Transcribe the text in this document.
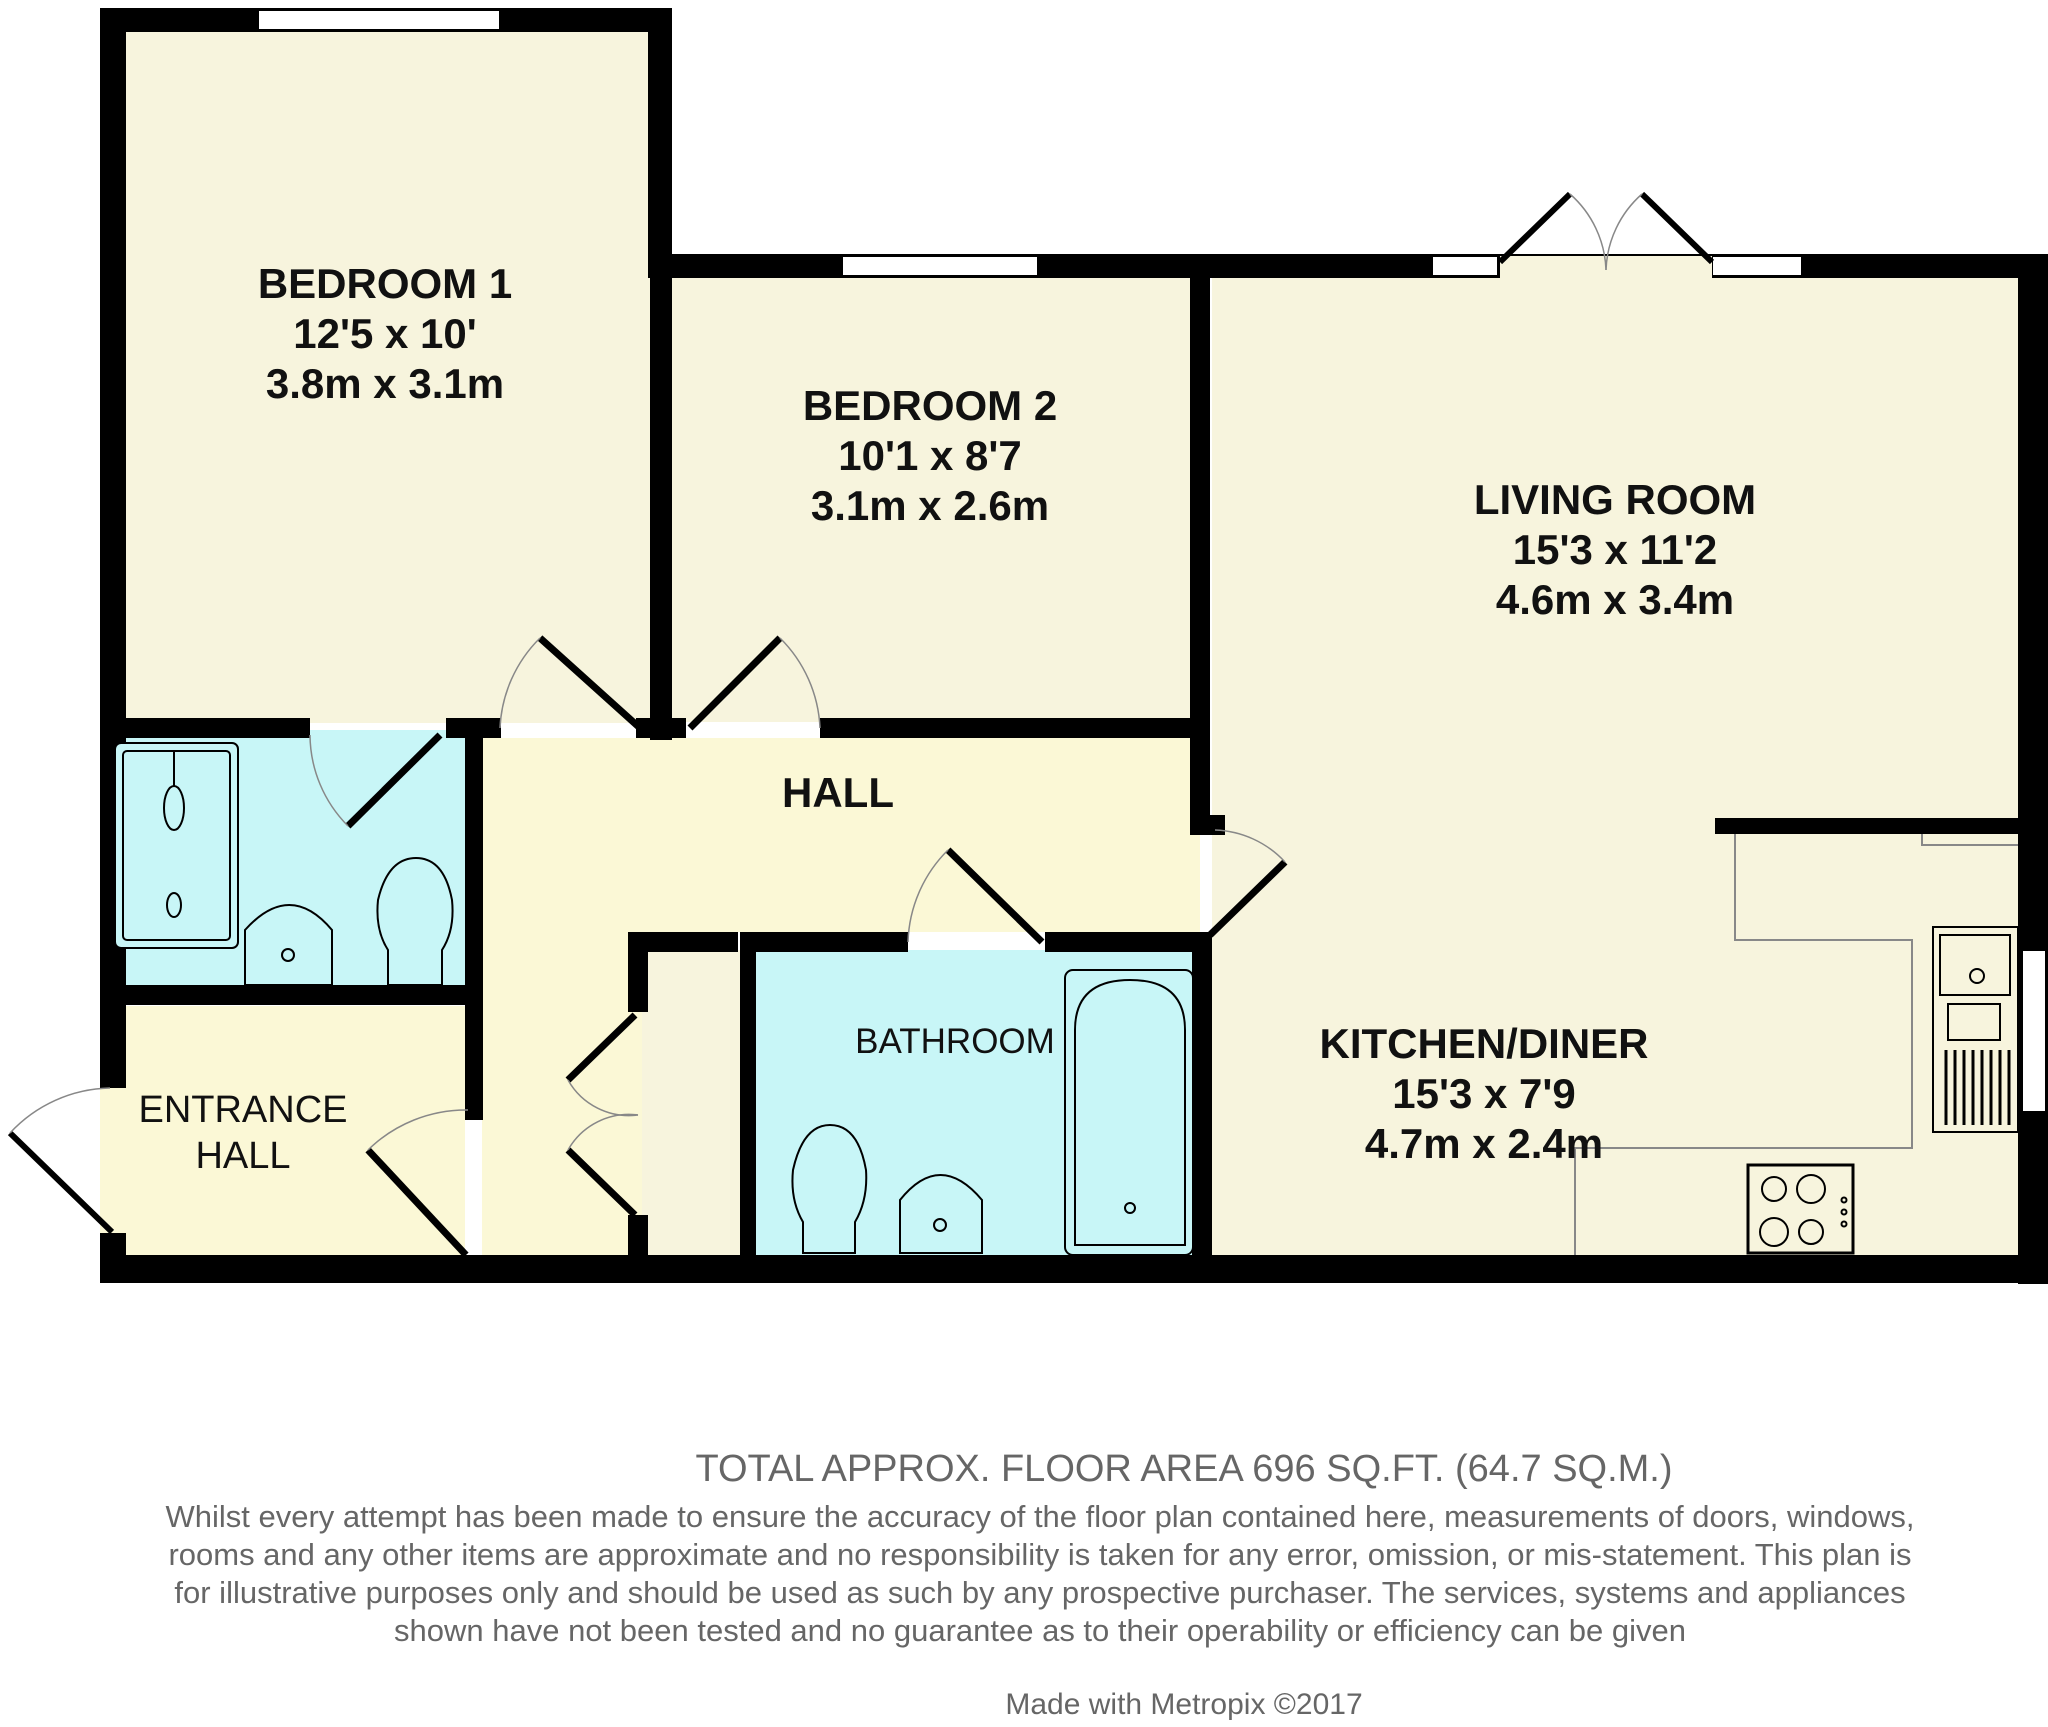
BEDROOM 1
12'5 x 10'
3.8m x 3.1m	BEDROOM 2
10'1 x 8'7
3.1m x 2.6m	LIVING ROOM
15'3 x 11'2
4.6m x 3.4m
HALL
BATHROOM	KITCHEN/DINER
15'3 x 7'9
4.7m x 2.4m
ENTRANCE
HALL
TOTAL APPROX. FLOOR AREA 696 SQ.FT. (64.7 SQ.M.)
Whilst every attempt has been made to ensure the accuracy of the floor plan contained here, measurements of doors, windows, rooms and any other items are approximate and no responsibility is taken for any error, omission, or mis-statement. This plan is for illustrative purposes only and should be used as such by any prospective purchaser. The services, systems and appliances shown have not been tested and no guarantee as to their operability or efficiency can be given
Made with Metropix ©2017
